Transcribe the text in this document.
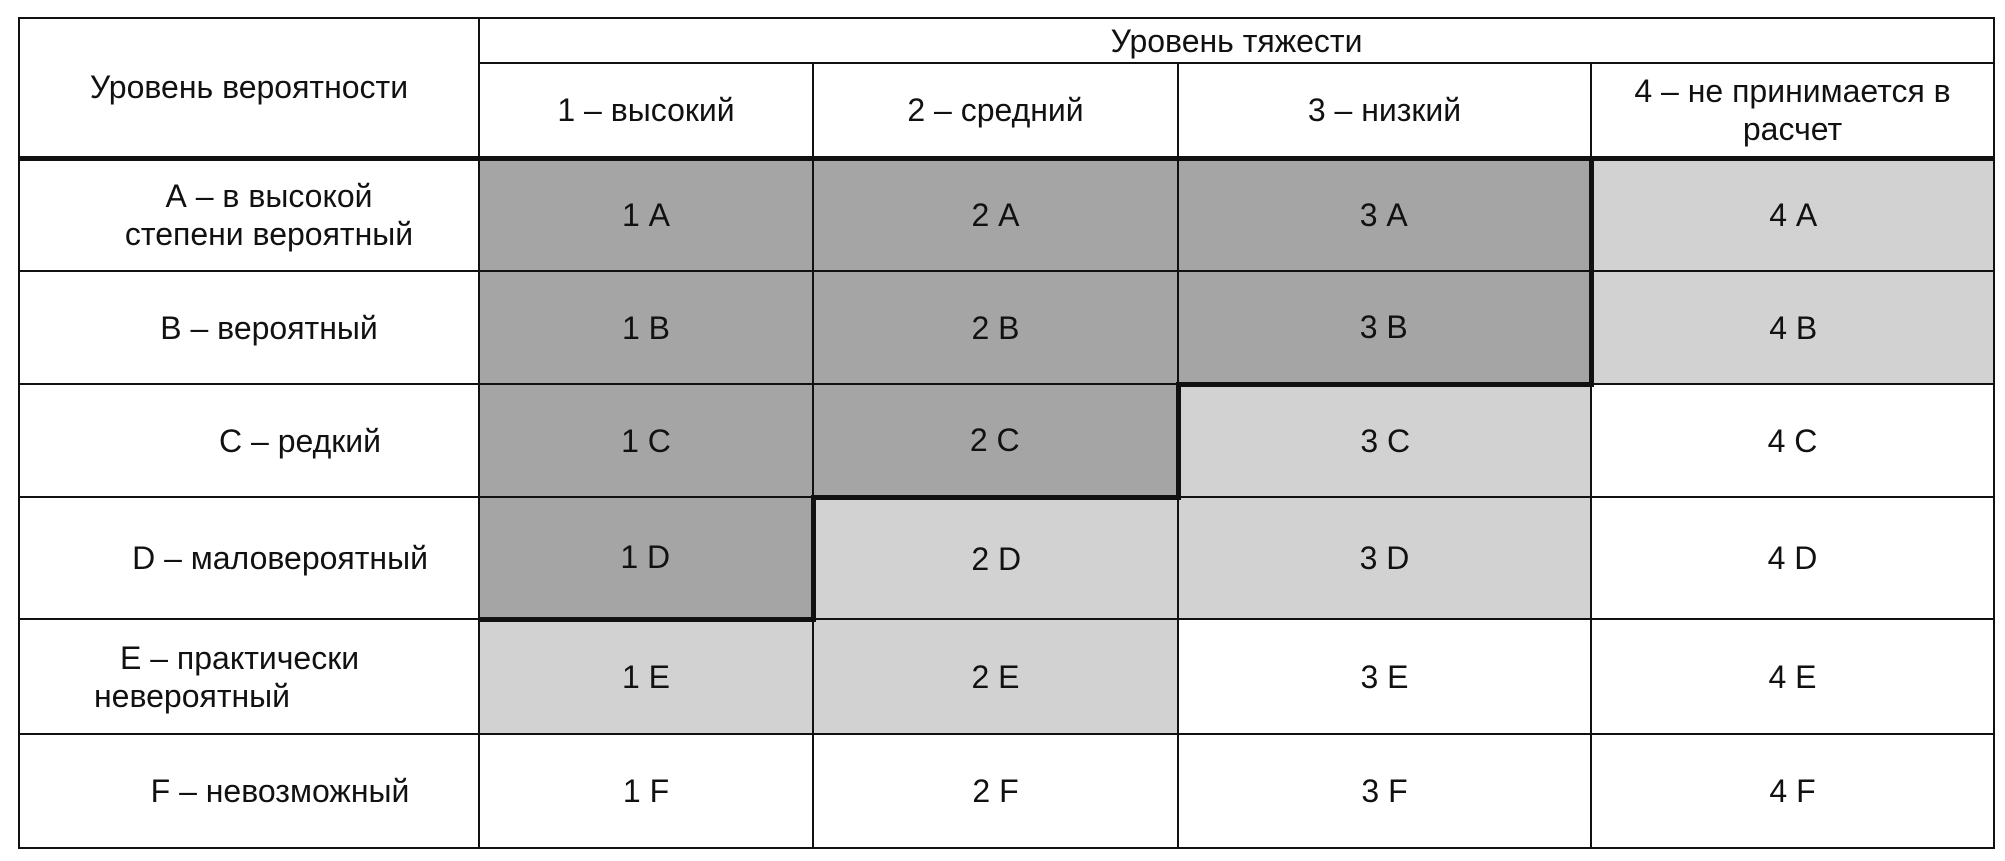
Уровень вероятности	Уровень тяжести			
	1 – высокий	2 – средний	3 – низкий	4 – не принимается в расчет
А – в высокой степени вероятный	1 А	2 А	3 А	4 А
В – вероятный	1 В	2 В	3 В	4 В
С – редкий	1 С	2 С	3 С	4 С
D – маловероятный	1 D	2 D	3 D	4 D
Е – практически невероятный	1 Е	2 Е	3 Е	4 Е
F – невозможный	1 F	2 F	3 F	4 F
